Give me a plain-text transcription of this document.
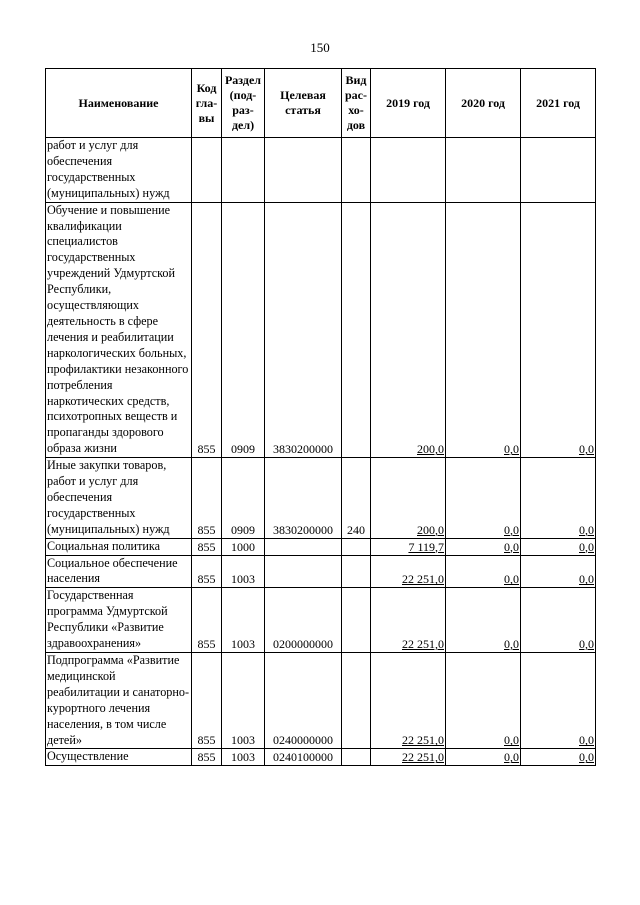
150
Наименование	Код гла-вы	Раздел (под-раз-дел)	Целевая статья	Вид рас-хо-дов	2019 год	2020 год	2021 год
работ и услуг для обеспечения государственных (муниципальных) нужд							
Обучение и повышение квалификации специалистов государственных учреждений Удмуртской Республики, осуществляющих деятельность в сфере лечения и реабилитации наркологических больных, профилактики незаконного потребления наркотических средств, психотропных веществ и пропаганды здорового образа жизни	855	0909	3830200000		200,0	0,0	0,0
Иные закупки товаров, работ и услуг для обеспечения государственных (муниципальных) нужд	855	0909	3830200000	240	200,0	0,0	0,0
Социальная политика	855	1000			7 119,7	0,0	0,0
Социальное обеспечение населения	855	1003			22 251,0	0,0	0,0
Государственная программа Удмуртской Республики «Развитие здравоохранения»	855	1003	0200000000		22 251,0	0,0	0,0
Подпрограмма «Развитие медицинской реабилитации и санаторно-курортного лечения населения, в том числе детей»	855	1003	0240000000		22 251,0	0,0	0,0
Осуществление	855	1003	0240100000		22 251,0	0,0	0,0
